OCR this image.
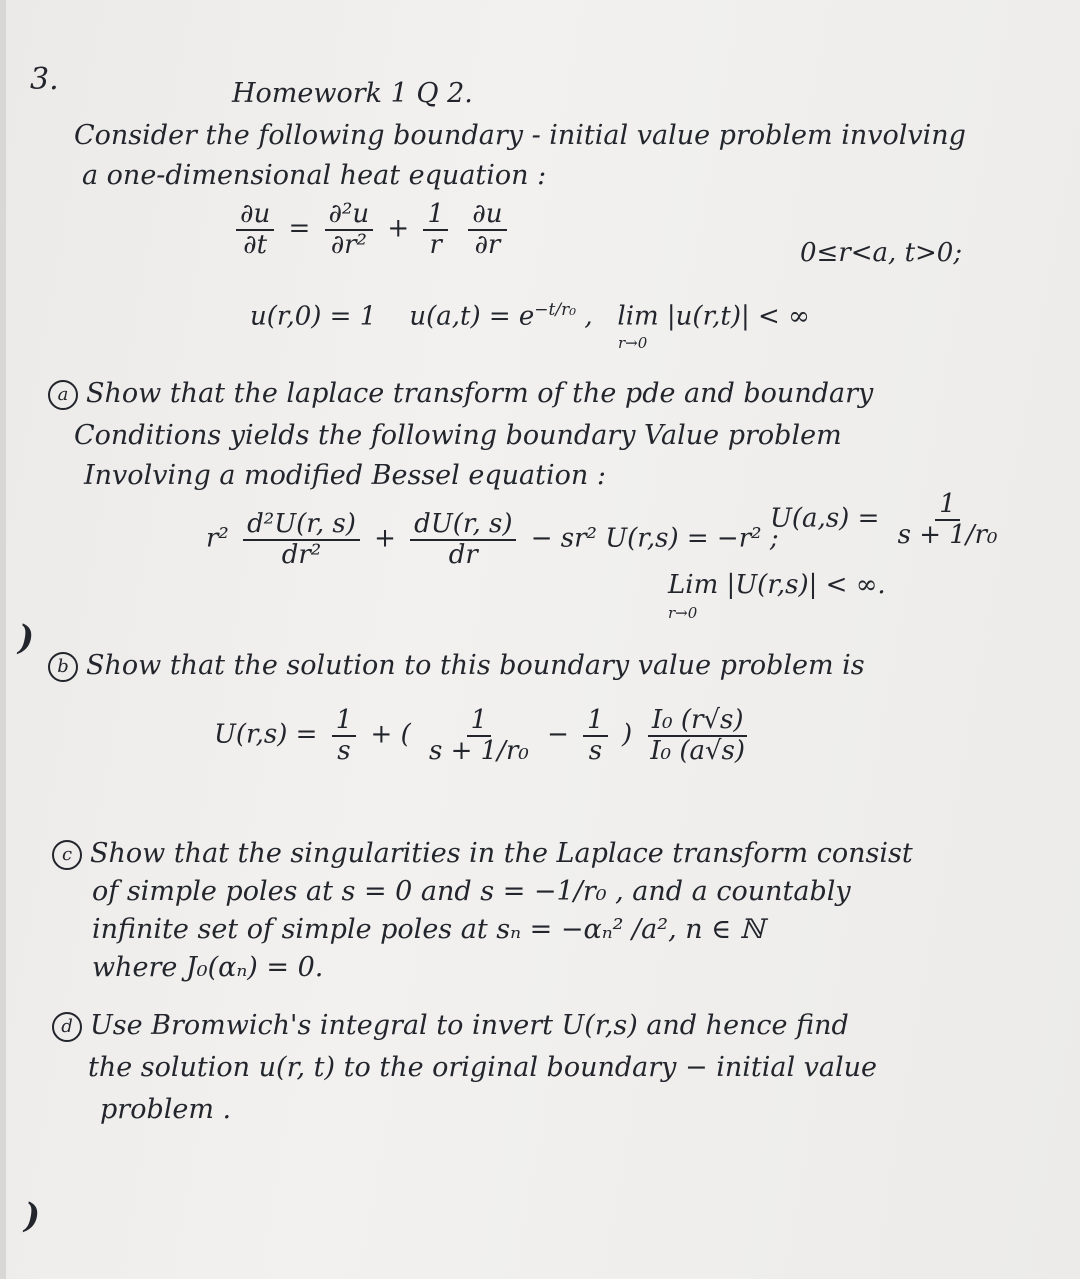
3.	Homework 1 Q 2.
Consider the following boundary - initial value problem involving
a one-dimensional heat equation :
$\frac{\partial u}{\partial t} = \frac{\text{∂²u}}{\text{∂r²}} + \frac{1}{r}$
$\frac{\partial u}{\partial r}$	0≤r<a, t>0;
u(r,0) = 1 $u(a,t) = e^{-t/r_0}$ , lim |u(r,t)| < ∞
r→0
a Show that the laplace transform of the pde and boundary
Conditions yields the following boundary Value problem
Involving a modified Bessel equation :
$r^2 \frac{\text{d²U(r, s)}}{\text{dr²}} + \frac{dU(r, s)}{dr} - sr^2$ U(r,s) = −r² ;
$U(a,s) = \frac{1}{\text{s + 1/r₀}}$
Lim |U(r,s)| < ∞.
r→0
)
b Show that the solution to this boundary value problem is
$U(r,s) = \frac{1}{s}$ + ( $\frac{1}{\text{s + 1/r₀}} - \frac{1}{s}$ ) $\frac{\text{I₀ (r√s)}}{\text{I₀ (a√s)}}$
c Show that the singularities in the Laplace transform consist
of simple poles at s = 0 and s = −1/r₀ , and a countably
infinite set of simple poles at sₙ = −αₙ² /a², n ∈ ℕ
where J₀(αₙ) = 0.
d Use Bromwich's integral to invert U(r,s) and hence find
the solution u(r, t) to the original boundary − initial value
problem .
)
